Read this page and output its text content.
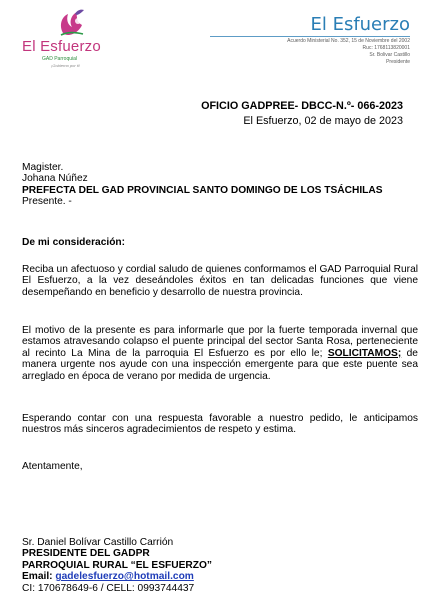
El Esfuerzo
GAD Parroquial
¡Gobierno por ti!
El Esfuerzo
Acuerdo Ministerial No. 352, 15 de Noviembre del 2002
Ruc: 1768113820001
Sr. Bolivar Castillo
Presidente
OFICIO GADPREE- DBCC-N.º- 066-2023
El Esfuerzo, 02 de mayo de 2023
Magister.
Johana Núñez
PREFECTA DEL GAD PROVINCIAL SANTO DOMINGO DE LOS TSÁCHILAS
Presente. -
De mi consideración:
Reciba un afectuoso y cordial saludo de quienes conformamos el GAD Parroquial Rural El Esfuerzo, a la vez deseándoles éxitos en tan delicadas funciones que viene desempeñando en beneficio y desarrollo de nuestra provincia.
El motivo de la presente es para informarle que por la fuerte temporada invernal que estamos atravesando colapso el puente principal del sector Santa Rosa, perteneciente al recinto La Mina de la parroquia El Esfuerzo es por ello le; SOLICITAMOS; de manera urgente nos ayude con una inspección emergente para que este puente sea arreglado en época de verano por medida de urgencia.
Esperando contar con una respuesta favorable a nuestro pedido, le anticipamos nuestros más sinceros agradecimientos de respeto y estima.
Atentamente,
Sr. Daniel Bolívar Castillo Carrión
PRESIDENTE DEL GADPR
PARROQUIAL RURAL “EL ESFUERZO”
Email: gadelesfuerzo@hotmail.com
CI: 170678649-6 / CELL: 0993744437
